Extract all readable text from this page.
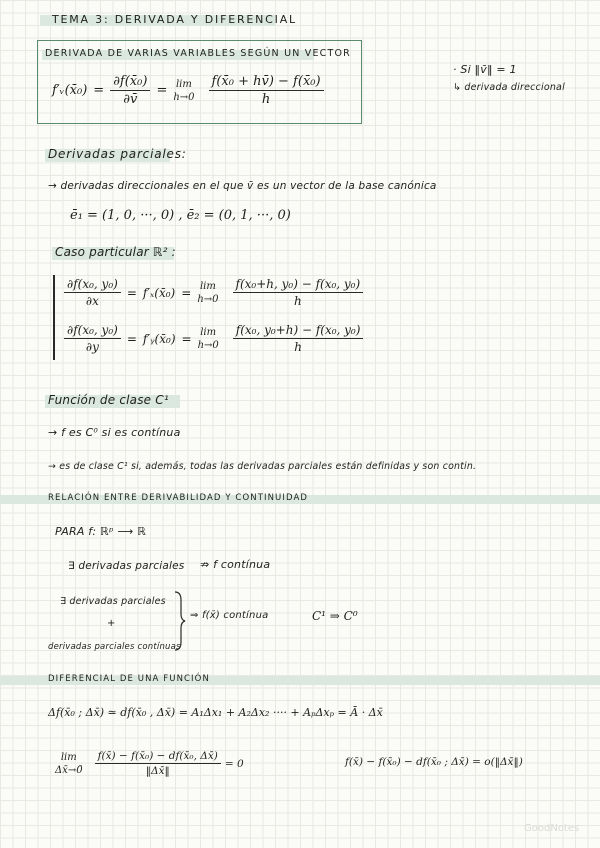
TEMA 3: DERIVADA Y DIFERENCIAL
DERIVADA DE VARIAS VARIABLES SEGÚN UN VECTOR
f′ᵥ(x̄₀) = $\frac{\text{∂f(x̄₀)}}{\partial v̄} = \lim$
$h\to 0 \frac{\text{f(x̄₀ + hv̄) − f(x̄₀)}}{h}$
· Si ‖v̄‖ = 1
↳ derivada direccional
Derivadas parciales:
→ derivadas direccionales en el que v̄ es un vector de la base canónica
ē₁ = (1, 0, ···, 0) , ē₂ = (0, 1, ···, 0)
Caso particular ℝ² :
$\frac{\text{∂f(x₀, y₀)}}{\partial x}$ = f′ₓ(x̄₀) = lim
$h\to 0 \frac{\text{f(x₀+h, y₀) − f(x₀, y₀)}}{h}$
$\frac{\text{∂f(x₀, y₀)}}{\partial y}$ = f′ᵧ(x̄₀) = lim
$h\to 0 \frac{\text{f(x₀, y₀+h) − f(x₀, y₀)}}{h}$
Función de clase C¹
→ f es C⁰ si es contínua
→ es de clase C¹ si, además, todas las derivadas parciales están definidas y son contin.
RELACIÓN ENTRE DERIVABILIDAD Y CONTINUIDAD
PARA f: ℝᵖ ⟶ ℝ
∃ derivadas parciales ⇏ f contínua
∃ derivadas parciales
+
derivadas parciales contínuas
⇒ f(x̄) contínua	C¹ ⇒ C⁰
DIFERENCIAL DE UNA FUNCIÓN
Δf(x̄₀ ; Δx̄) ≃ df(x̄₀ , Δx̄) = A₁Δx₁ + A₂Δx₂ ···· + AₚΔxₚ = Ā · Δx̄
lim
Δx̄→0̄ $\frac{\text{f(x̄) − f(x̄₀) − df(x̄₀, Δx̄)}}{‖\Delta x̄‖} = 0$	f(x̄) − f(x̄₀) − df(x̄₀ ; Δx̄) = o(‖Δx̄‖)
GoodNotes
